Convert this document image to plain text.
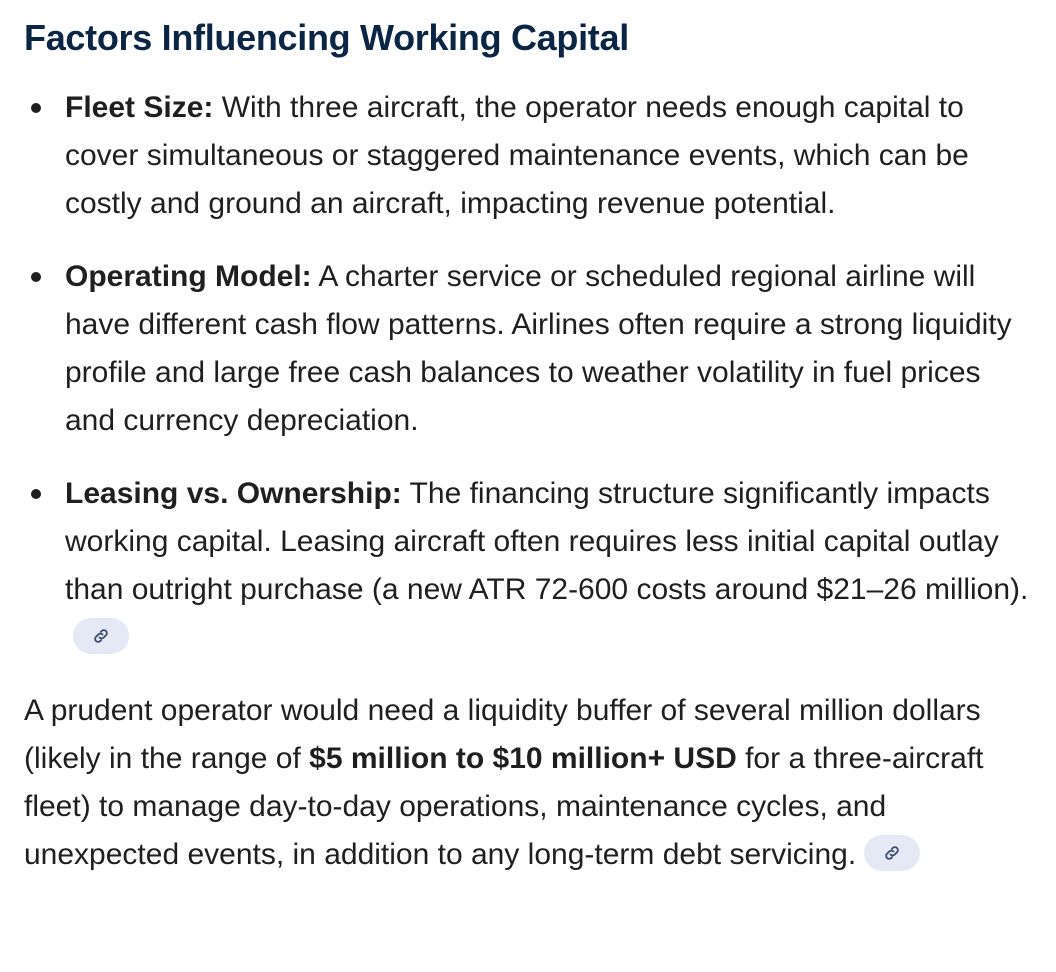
Factors Influencing Working Capital
Fleet Size: With three aircraft, the operator needs enough capital to cover simultaneous or staggered maintenance events, which can be costly and ground an aircraft, impacting revenue potential.
Operating Model: A charter service or scheduled regional airline will have different cash flow patterns. Airlines often require a strong liquidity profile and large free cash balances to weather volatility in fuel prices and currency depreciation.
Leasing vs. Ownership: The financing structure significantly impacts working capital. Leasing aircraft often requires less initial capital outlay than outright purchase (a new ATR 72-600 costs around $21–26 million).

A prudent operator would need a liquidity buffer of several million dollars (likely in the range of $5 million to $10 million+ USD for a three-aircraft fleet) to manage day-to-day operations, maintenance cycles, and unexpected events, in addition to any long-term debt servicing.
